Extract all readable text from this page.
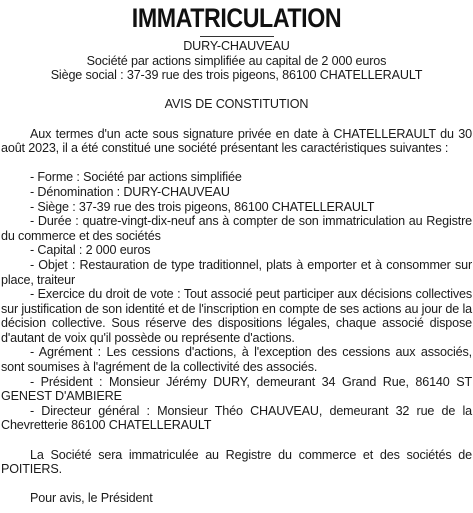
IMMATRICULATION

DURY-CHAUVEAU

Société par actions simplifiée au capital de 2 000 euros

Siège social : 37-39 rue des trois pigeons, 86100 CHATELLERAULT

AVIS DE CONSTITUTION

Aux termes d'un acte sous signature privée en date à CHATELLERAULT du 30 août 2023, il a été constitué une société présentant les caractéristiques suivantes :

- Forme : Société par actions simplifiée

- Dénomination : DURY-CHAUVEAU

- Siège : 37-39 rue des trois pigeons, 86100 CHATELLERAULT

- Durée : quatre-vingt-dix-neuf ans à compter de son immatriculation au Registre du commerce et des sociétés

- Capital : 2 000 euros

- Objet : Restauration de type traditionnel, plats à emporter et à consommer sur place, traiteur

- Exercice du droit de vote : Tout associé peut participer aux décisions collectives sur justification de son identité et de l'inscription en compte de ses actions au jour de la décision collective. Sous réserve des dispositions légales, chaque associé dispose d'autant de voix qu'il possède ou représente d'actions.

- Agrément : Les cessions d'actions, à l'exception des cessions aux associés, sont soumises à l'agrément de la collectivité des associés.

- Président : Monsieur Jérémy DURY, demeurant 34 Grand Rue, 86140 ST GENEST D'AMBIERE

- Directeur général : Monsieur Théo CHAUVEAU, demeurant 32 rue de la Chevretterie 86100 CHATELLERAULT

La Société sera immatriculée au Registre du commerce et des sociétés de POITIERS.

Pour avis, le Président
